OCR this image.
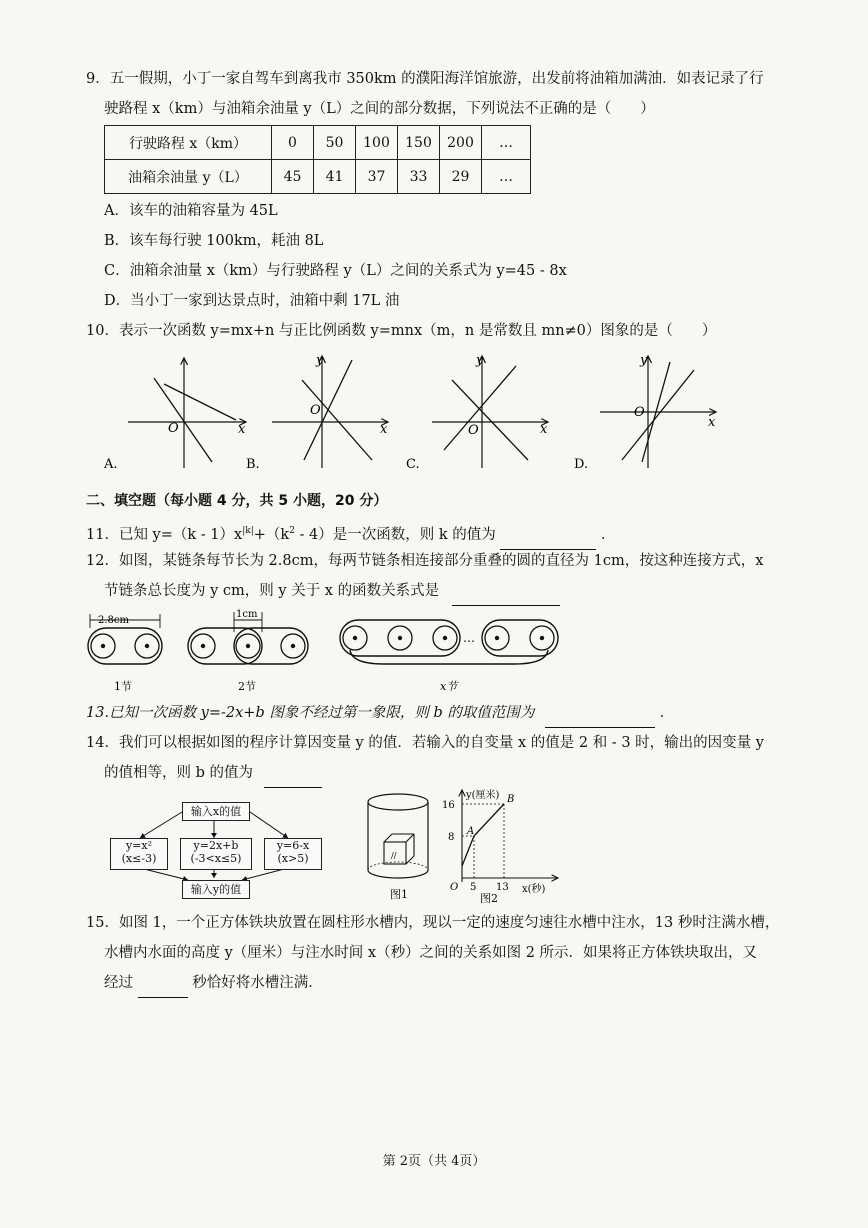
9．五一假期，小丁一家自驾车到离我市 350km 的濮阳海洋馆旅游，出发前将油箱加满油．如表记录了行
驶路程 x（km）与油箱余油量 y（L）之间的部分数据，下列说法不正确的是（　　）
行驶路程 x（km）	0	50	100	150	200	…
油箱余油量 y（L）	45	41	37	33	29	…
A．该车的油箱容量为 45L
B．该车每行驶 100km，耗油 8L
C．油箱余油量 x（km）与行驶路程 y（L）之间的关系式为 y=45 - 8x
D．当小丁一家到达景点时，油箱中剩 17L 油
10．表示一次函数 y=mx+n 与正比例函数 y=mnx（m，n 是常数且 mn≠0）图象的是（　　）
O	x
A.
O
y
x
B.
O
y
x
C.
O
y
x
D.
二、填空题（每小题 4 分，共 5 小题，20 分）
11．已知 $y=(k - 1)x^{|k|}+(k^2 - 4)$是一次函数，则 k 的值为	．
12．如图，某链条每节长为 2.8cm，每两节链条相连接部分重叠的圆的直径为 1cm，按这种连接方式，x
节链条总长度为 y cm，则 y 关于 x 的函数关系式是
2.8cm
1节
1cm
2节
…
x节
13.已知一次函数 y=-2x+b 图象不经过第一象限，则 b 的取值范围为	．
14．我们可以根据如图的程序计算因变量 y 的值．若输入的自变量 x 的值是 2 和 - 3 时，输出的因变量 y
的值相等，则 b 的值为
输入x的值
y=x²
(x≤-3)
y=2x+b
(-3<x≤5)
y=6-x
(x>5)
输入y的值
//
图1
y(厘米)
16
8
O 5 13 x(秒)
A
B
图2
15．如图 1，一个正方体铁块放置在圆柱形水槽内，现以一定的速度匀速往水槽中注水，13 秒时注满水槽，
水槽内水面的高度 y（厘米）与注水时间 x（秒）之间的关系如图 2 所示．如果将正方体铁块取出，又
经过	秒恰好将水槽注满．
第 2页（共 4页）
